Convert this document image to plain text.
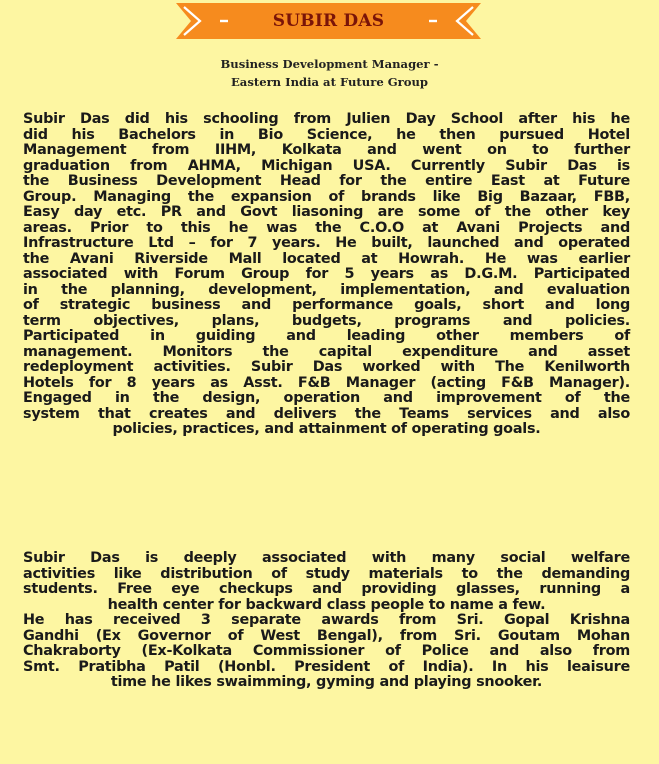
SUBIR DAS
Business Development Manager -
Eastern India at Future Group
Subir Das did his schooling from Julien Day School after his he
did his Bachelors in Bio Science, he then pursued Hotel
Management from IIHM, Kolkata and went on to further
graduation from AHMA, Michigan USA. Currently Subir Das is
the Business Development Head for the entire East at Future
Group. Managing the expansion of brands like Big Bazaar, FBB,
Easy day etc. PR and Govt liasoning are some of the other key
areas. Prior to this he was the C.O.O at Avani Projects and
Infrastructure Ltd – for 7 years. He built, launched and operated
the Avani Riverside Mall located at Howrah. He was earlier
associated with Forum Group for 5 years as D.G.M. Participated
in the planning, development, implementation, and evaluation
of strategic business and performance goals, short and long
term objectives, plans, budgets, programs and policies.
Participated in guiding and leading other members of
management. Monitors the capital expenditure and asset
redeployment activities. Subir Das worked with The Kenilworth
Hotels for 8 years as Asst. F&B Manager (acting F&B Manager).
Engaged in the design, operation and improvement of the
system that creates and delivers the Teams services and also
policies, practices, and attainment of operating goals.
Subir Das is deeply associated with many social welfare
activities like distribution of study materials to the demanding
students. Free eye checkups and providing glasses, running a
health center for backward class people to name a few.
He has received 3 separate awards from Sri. Gopal Krishna
Gandhi (Ex Governor of West Bengal), from Sri. Goutam Mohan
Chakraborty (Ex-Kolkata Commissioner of Police and also from
Smt. Pratibha Patil (Honbl. President of India). In his leaisure
time he likes swaimming, gyming and playing snooker.
